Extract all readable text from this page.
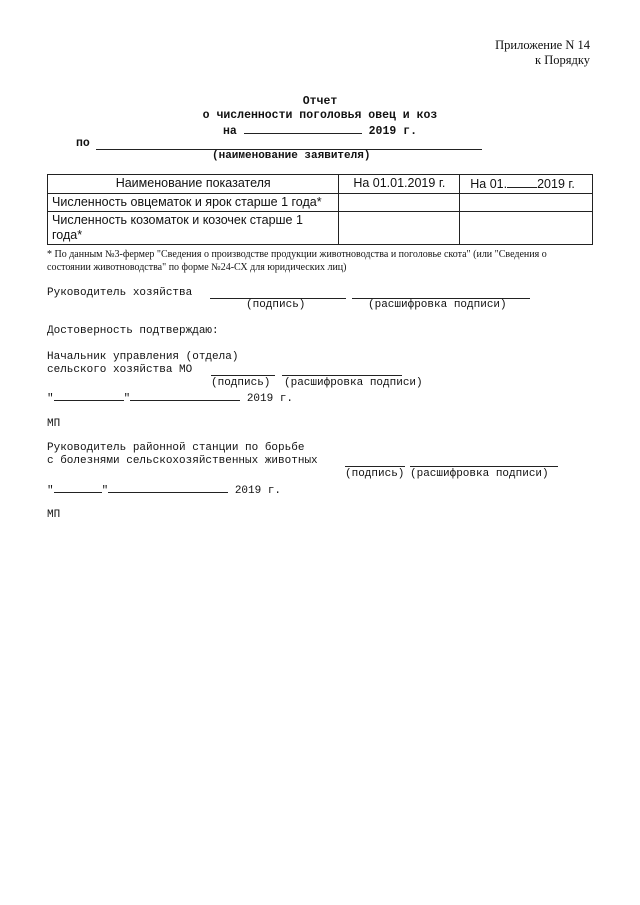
Приложение N 14
к Порядку
Отчет
о численности поголовья овец и коз
на	2019 г.
по
(наименование заявителя)
Наименование показателя	На 01.01.2019 г.	На 01. 2019 г.
Численность овцематок и ярок старше 1 года*		
Численность козоматок и козочек старше 1 года*		
* По данным №3-фермер "Сведения о производстве продукции животноводства и поголовье скота" (или "Сведения о состоянии животноводства" по форме №24-СХ для юридических лиц)
Руководитель хозяйства
(подпись)	(расшифровка подписи)
Достоверность подтверждаю:
Начальник управления (отдела)
сельского хозяйства МО
(подпись) (расшифровка подписи)
"	"	2019 г.
МП
Руководитель районной станции по борьбе
с болезнями сельскохозяйственных животных
(подпись) (расшифровка подписи)
"	"	2019 г.
МП
